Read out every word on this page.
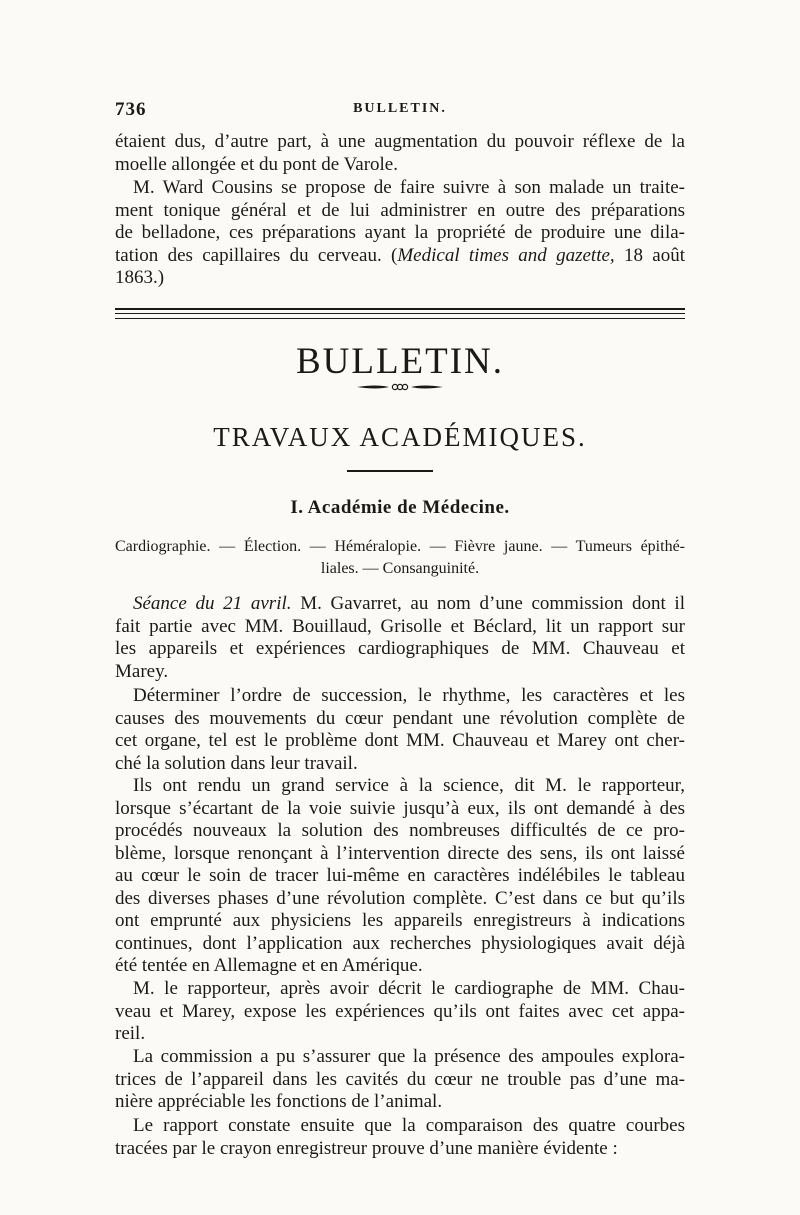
736	BULLETIN.
étaient dus, d’autre part, à une augmentation du pouvoir réflexe de la
moelle allongée et du pont de Varole.
M. Ward Cousins se propose de faire suivre à son malade un traite-
ment tonique général et de lui administrer en outre des préparations
de belladone, ces préparations ayant la propriété de produire une dila-
tation des capillaires du cerveau. (Medical times and gazette, 18 août
1863.)
BULLETIN.
TRAVAUX ACADÉMIQUES.
I. Académie de Médecine.
Cardiographie. — Élection. — Héméralopie. — Fièvre jaune. — Tumeurs épithé-
liales. — Consanguinité.
Séance du 21 avril. M. Gavarret, au nom d’une commission dont il
fait partie avec MM. Bouillaud, Grisolle et Béclard, lit un rapport sur
les appareils et expériences cardiographiques de MM. Chauveau et
Marey.
Déterminer l’ordre de succession, le rhythme, les caractères et les
causes des mouvements du cœur pendant une révolution complète de
cet organe, tel est le problème dont MM. Chauveau et Marey ont cher-
ché la solution dans leur travail.
Ils ont rendu un grand service à la science, dit M. le rapporteur,
lorsque s’écartant de la voie suivie jusqu’à eux, ils ont demandé à des
procédés nouveaux la solution des nombreuses difficultés de ce pro-
blème, lorsque renonçant à l’intervention directe des sens, ils ont laissé
au cœur le soin de tracer lui-même en caractères indélébiles le tableau
des diverses phases d’une révolution complète. C’est dans ce but qu’ils
ont emprunté aux physiciens les appareils enregistreurs à indications
continues, dont l’application aux recherches physiologiques avait déjà
été tentée en Allemagne et en Amérique.
M. le rapporteur, après avoir décrit le cardiographe de MM. Chau-
veau et Marey, expose les expériences qu’ils ont faites avec cet appa-
reil.
La commission a pu s’assurer que la présence des ampoules explora-
trices de l’appareil dans les cavités du cœur ne trouble pas d’une ma-
nière appréciable les fonctions de l’animal.
Le rapport constate ensuite que la comparaison des quatre courbes
tracées par le crayon enregistreur prouve d’une manière évidente :
